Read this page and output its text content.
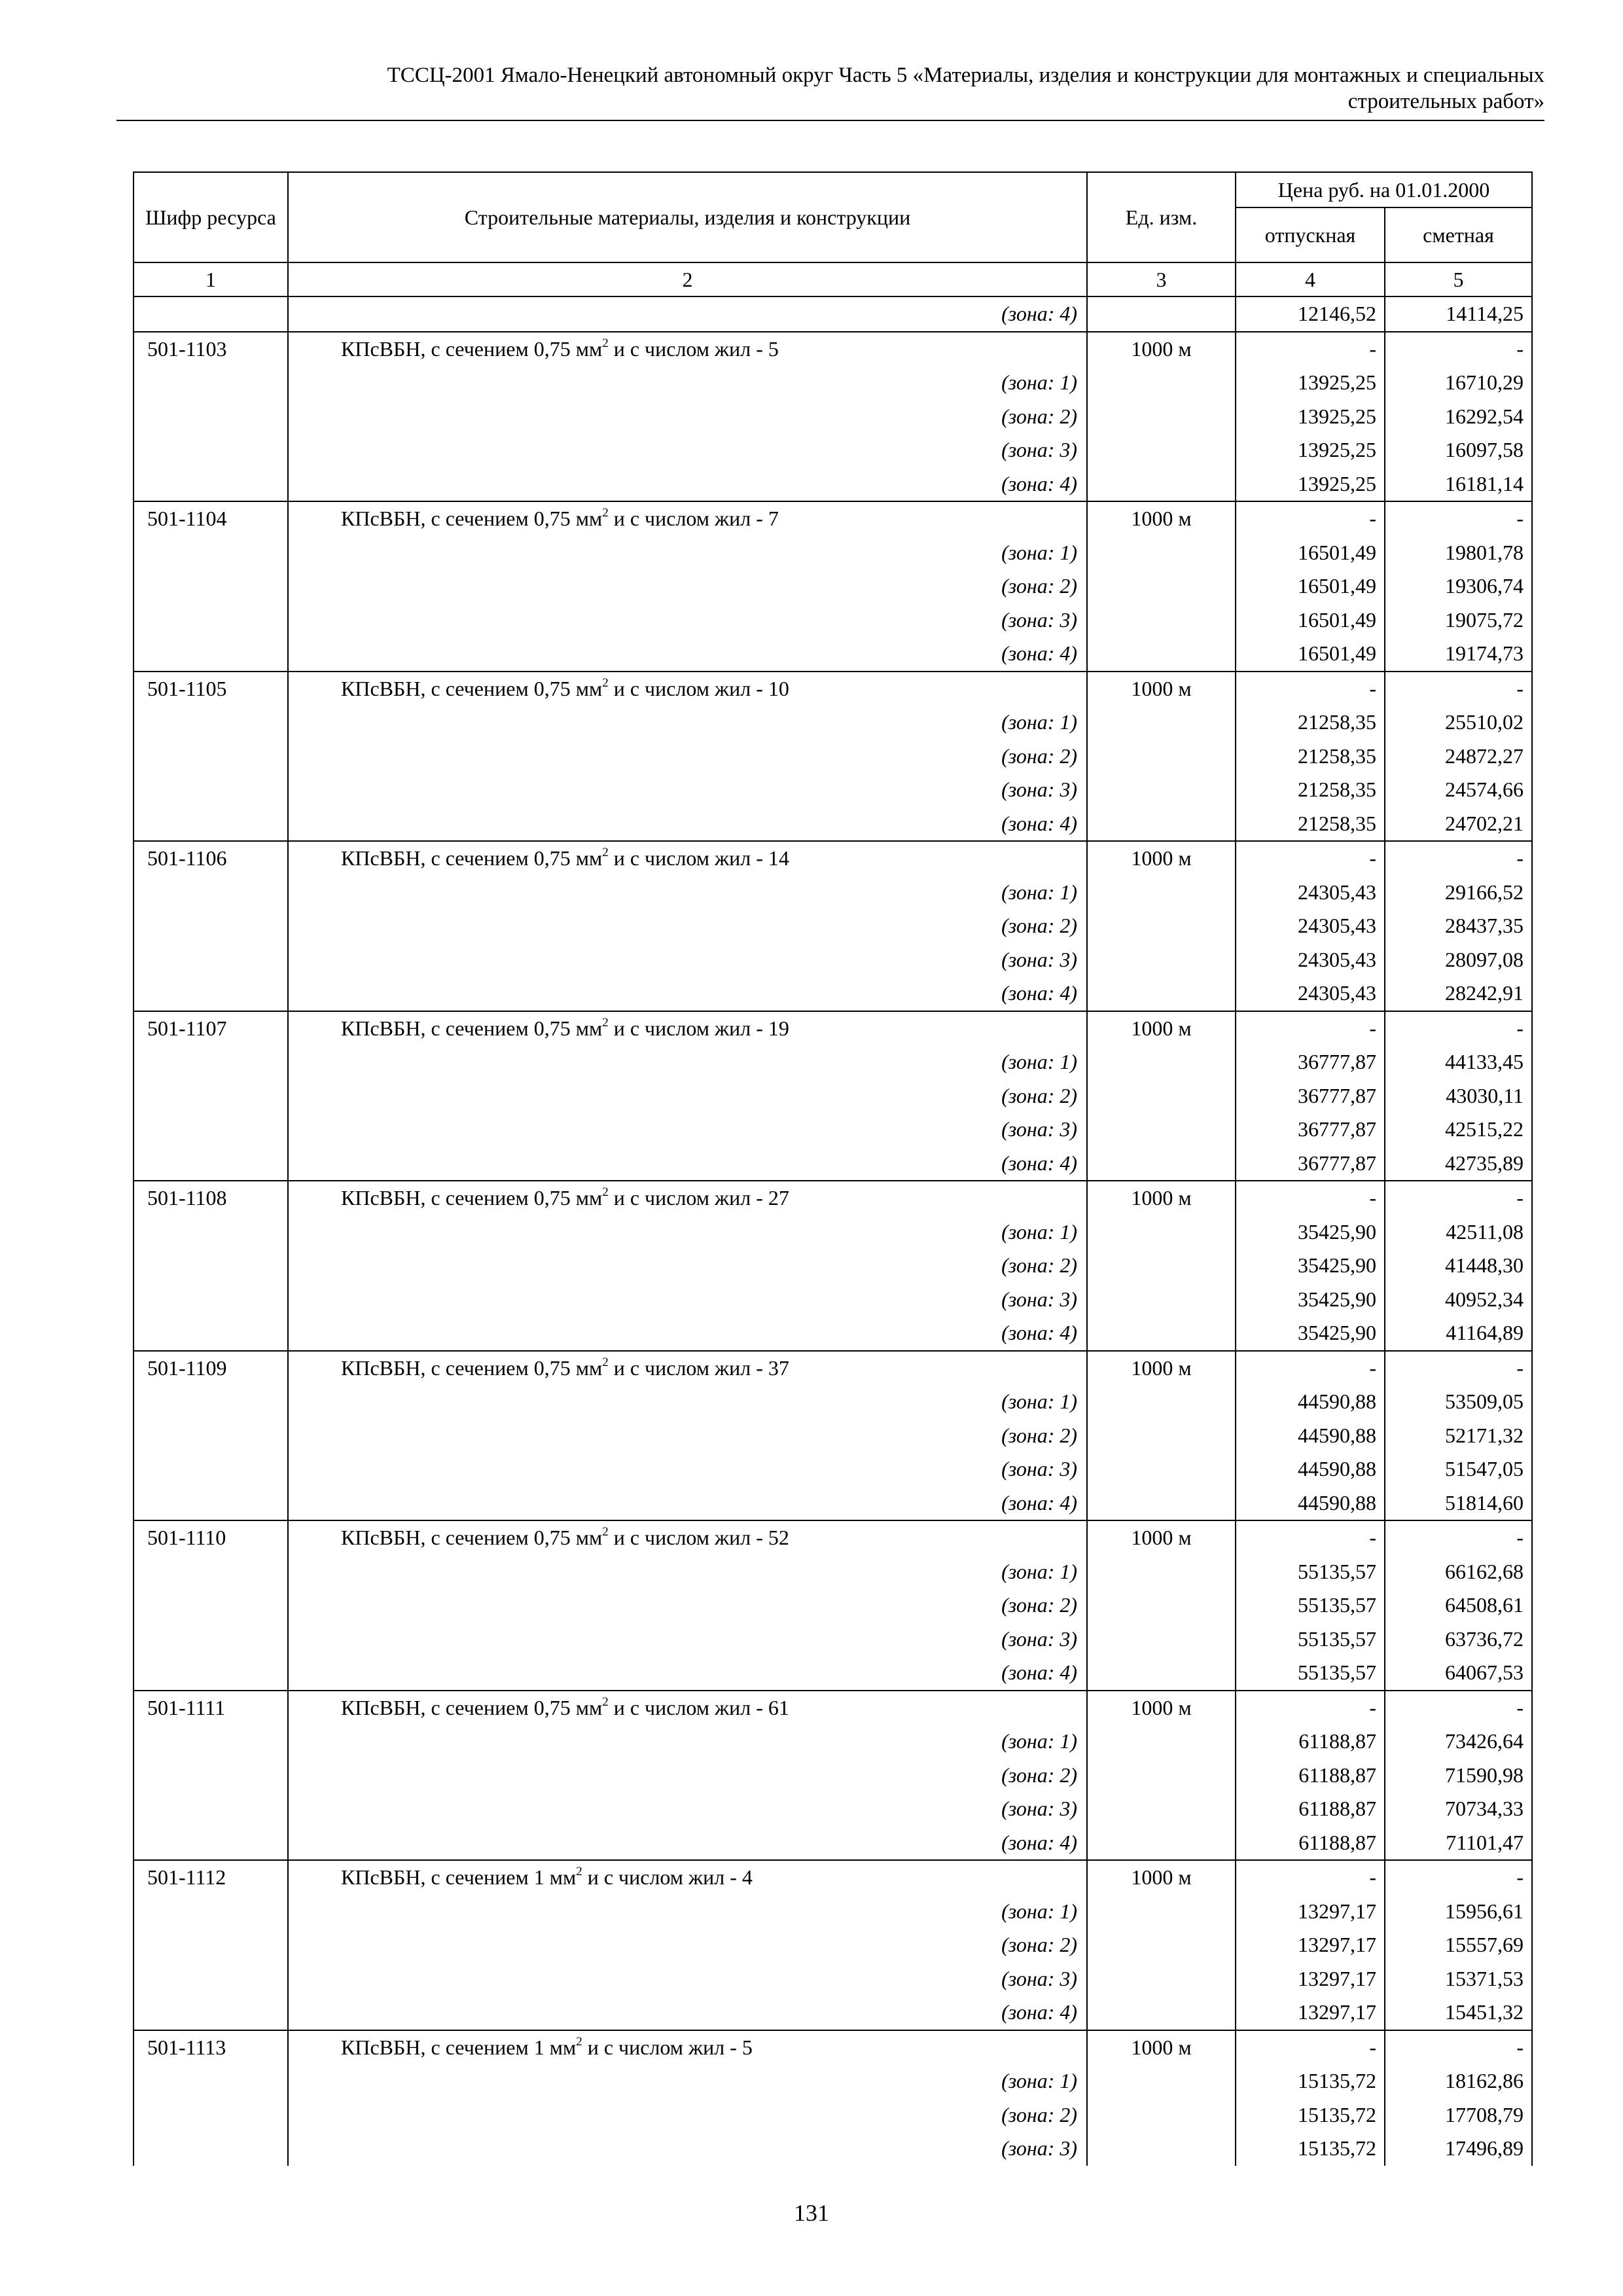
ТССЦ-2001 Ямало-Ненецкий автономный округ Часть 5 «Материалы, изделия и конструкции для монтажных и специальных
строительных работ»
Шифр ресурса	Строительные материалы, изделия и конструкции	Ед. изм.	Цена руб. на 01.01.2000	
			отпускная	сметная
1	2	3	4	5
	(зона: 4)		12146,52	14114,25
501-1103	КПсВБН, с сечением 0,75 $мм^2$ и с числом жил - 5	1000 м	-	-
	(зона: 1)		13925,25	16710,29
	(зона: 2)		13925,25	16292,54
	(зона: 3)		13925,25	16097,58
	(зона: 4)		13925,25	16181,14
501-1104	КПсВБН, с сечением 0,75 $мм^2$ и с числом жил - 7	1000 м	-	-
	(зона: 1)		16501,49	19801,78
	(зона: 2)		16501,49	19306,74
	(зона: 3)		16501,49	19075,72
	(зона: 4)		16501,49	19174,73
501-1105	КПсВБН, с сечением 0,75 $мм^2$ и с числом жил - 10	1000 м	-	-
	(зона: 1)		21258,35	25510,02
	(зона: 2)		21258,35	24872,27
	(зона: 3)		21258,35	24574,66
	(зона: 4)		21258,35	24702,21
501-1106	КПсВБН, с сечением 0,75 $мм^2$ и с числом жил - 14	1000 м	-	-
	(зона: 1)		24305,43	29166,52
	(зона: 2)		24305,43	28437,35
	(зона: 3)		24305,43	28097,08
	(зона: 4)		24305,43	28242,91
501-1107	КПсВБН, с сечением 0,75 $мм^2$ и с числом жил - 19	1000 м	-	-
	(зона: 1)		36777,87	44133,45
	(зона: 2)		36777,87	43030,11
	(зона: 3)		36777,87	42515,22
	(зона: 4)		36777,87	42735,89
501-1108	КПсВБН, с сечением 0,75 $мм^2$ и с числом жил - 27	1000 м	-	-
	(зона: 1)		35425,90	42511,08
	(зона: 2)		35425,90	41448,30
	(зона: 3)		35425,90	40952,34
	(зона: 4)		35425,90	41164,89
501-1109	КПсВБН, с сечением 0,75 $мм^2$ и с числом жил - 37	1000 м	-	-
	(зона: 1)		44590,88	53509,05
	(зона: 2)		44590,88	52171,32
	(зона: 3)		44590,88	51547,05
	(зона: 4)		44590,88	51814,60
501-1110	КПсВБН, с сечением 0,75 $мм^2$ и с числом жил - 52	1000 м	-	-
	(зона: 1)		55135,57	66162,68
	(зона: 2)		55135,57	64508,61
	(зона: 3)		55135,57	63736,72
	(зона: 4)		55135,57	64067,53
501-1111	КПсВБН, с сечением 0,75 $мм^2$ и с числом жил - 61	1000 м	-	-
	(зона: 1)		61188,87	73426,64
	(зона: 2)		61188,87	71590,98
	(зона: 3)		61188,87	70734,33
	(зона: 4)		61188,87	71101,47
501-1112	КПсВБН, с сечением 1 $мм^2$ и с числом жил - 4	1000 м	-	-
	(зона: 1)		13297,17	15956,61
	(зона: 2)		13297,17	15557,69
	(зона: 3)		13297,17	15371,53
	(зона: 4)		13297,17	15451,32
501-1113	КПсВБН, с сечением 1 $мм^2$ и с числом жил - 5	1000 м	-	-
	(зона: 1)		15135,72	18162,86
	(зона: 2)		15135,72	17708,79
	(зона: 3)		15135,72	17496,89
131
